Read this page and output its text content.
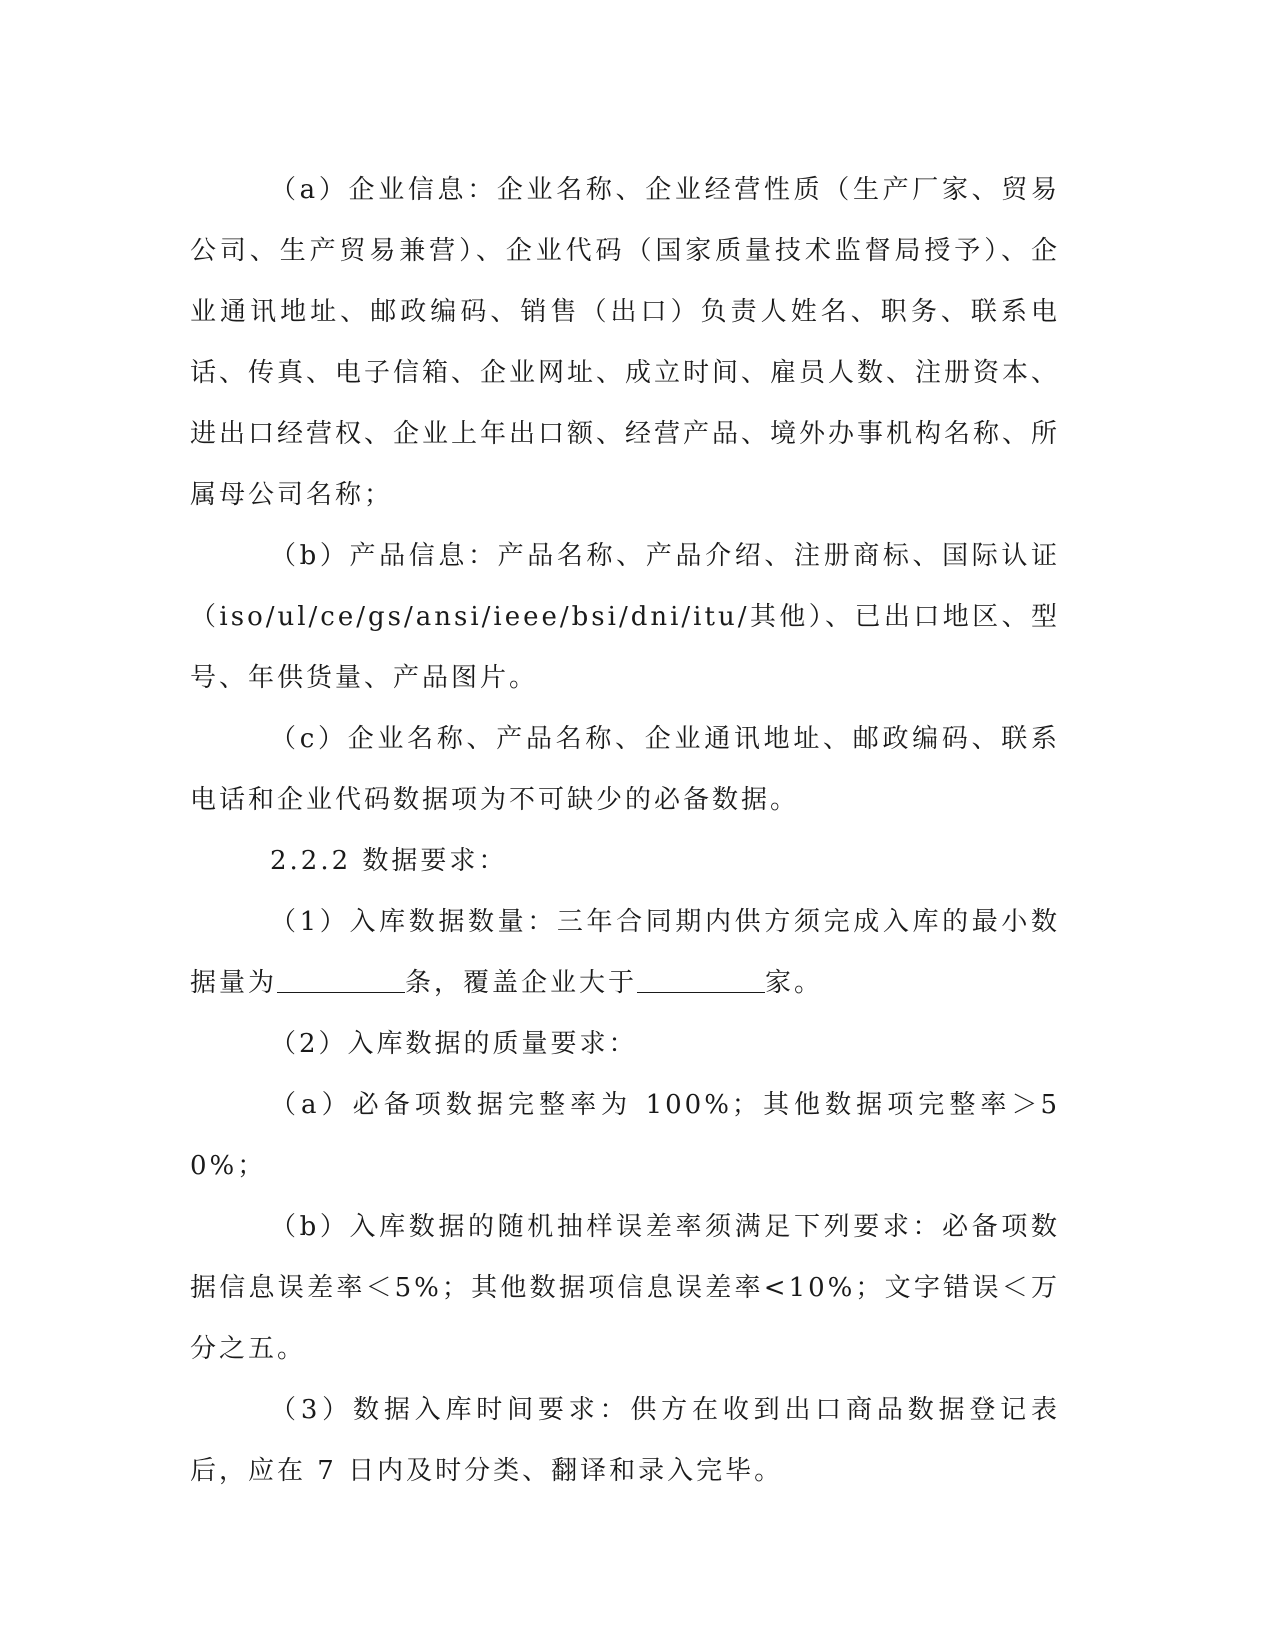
（a）企业信息：企业名称、企业经营性质（生产厂家、贸易公司、生产贸易兼营）、企业代码（国家质量技术监督局授予）、企业通讯地址、邮政编码、销售（出口）负责人姓名、职务、联系电话、传真、电子信箱、企业网址、成立时间、雇员人数、注册资本、进出口经营权、企业上年出口额、经营产品、境外办事机构名称、所属母公司名称；

（b）产品信息：产品名称、产品介绍、注册商标、国际认证（iso/ul/ce/gs/ansi/ieee/bsi/dni/itu/其他）、已出口地区、型号、年供货量、产品图片。

（c）企业名称、产品名称、企业通讯地址、邮政编码、联系电话和企业代码数据项为不可缺少的必备数据。

2.2.2 数据要求：

（1）入库数据数量：三年合同期内供方须完成入库的最小数据量为	条，覆盖企业大于	家。

（2）入库数据的质量要求：

（a）必备项数据完整率为 100%；其他数据项完整率＞50%；

（b）入库数据的随机抽样误差率须满足下列要求：必备项数据信息误差率＜5%；其他数据项信息误差率<10%；文字错误＜万分之五。

（3）数据入库时间要求：供方在收到出口商品数据登记表后，应在 7 日内及时分类、翻译和录入完毕。
